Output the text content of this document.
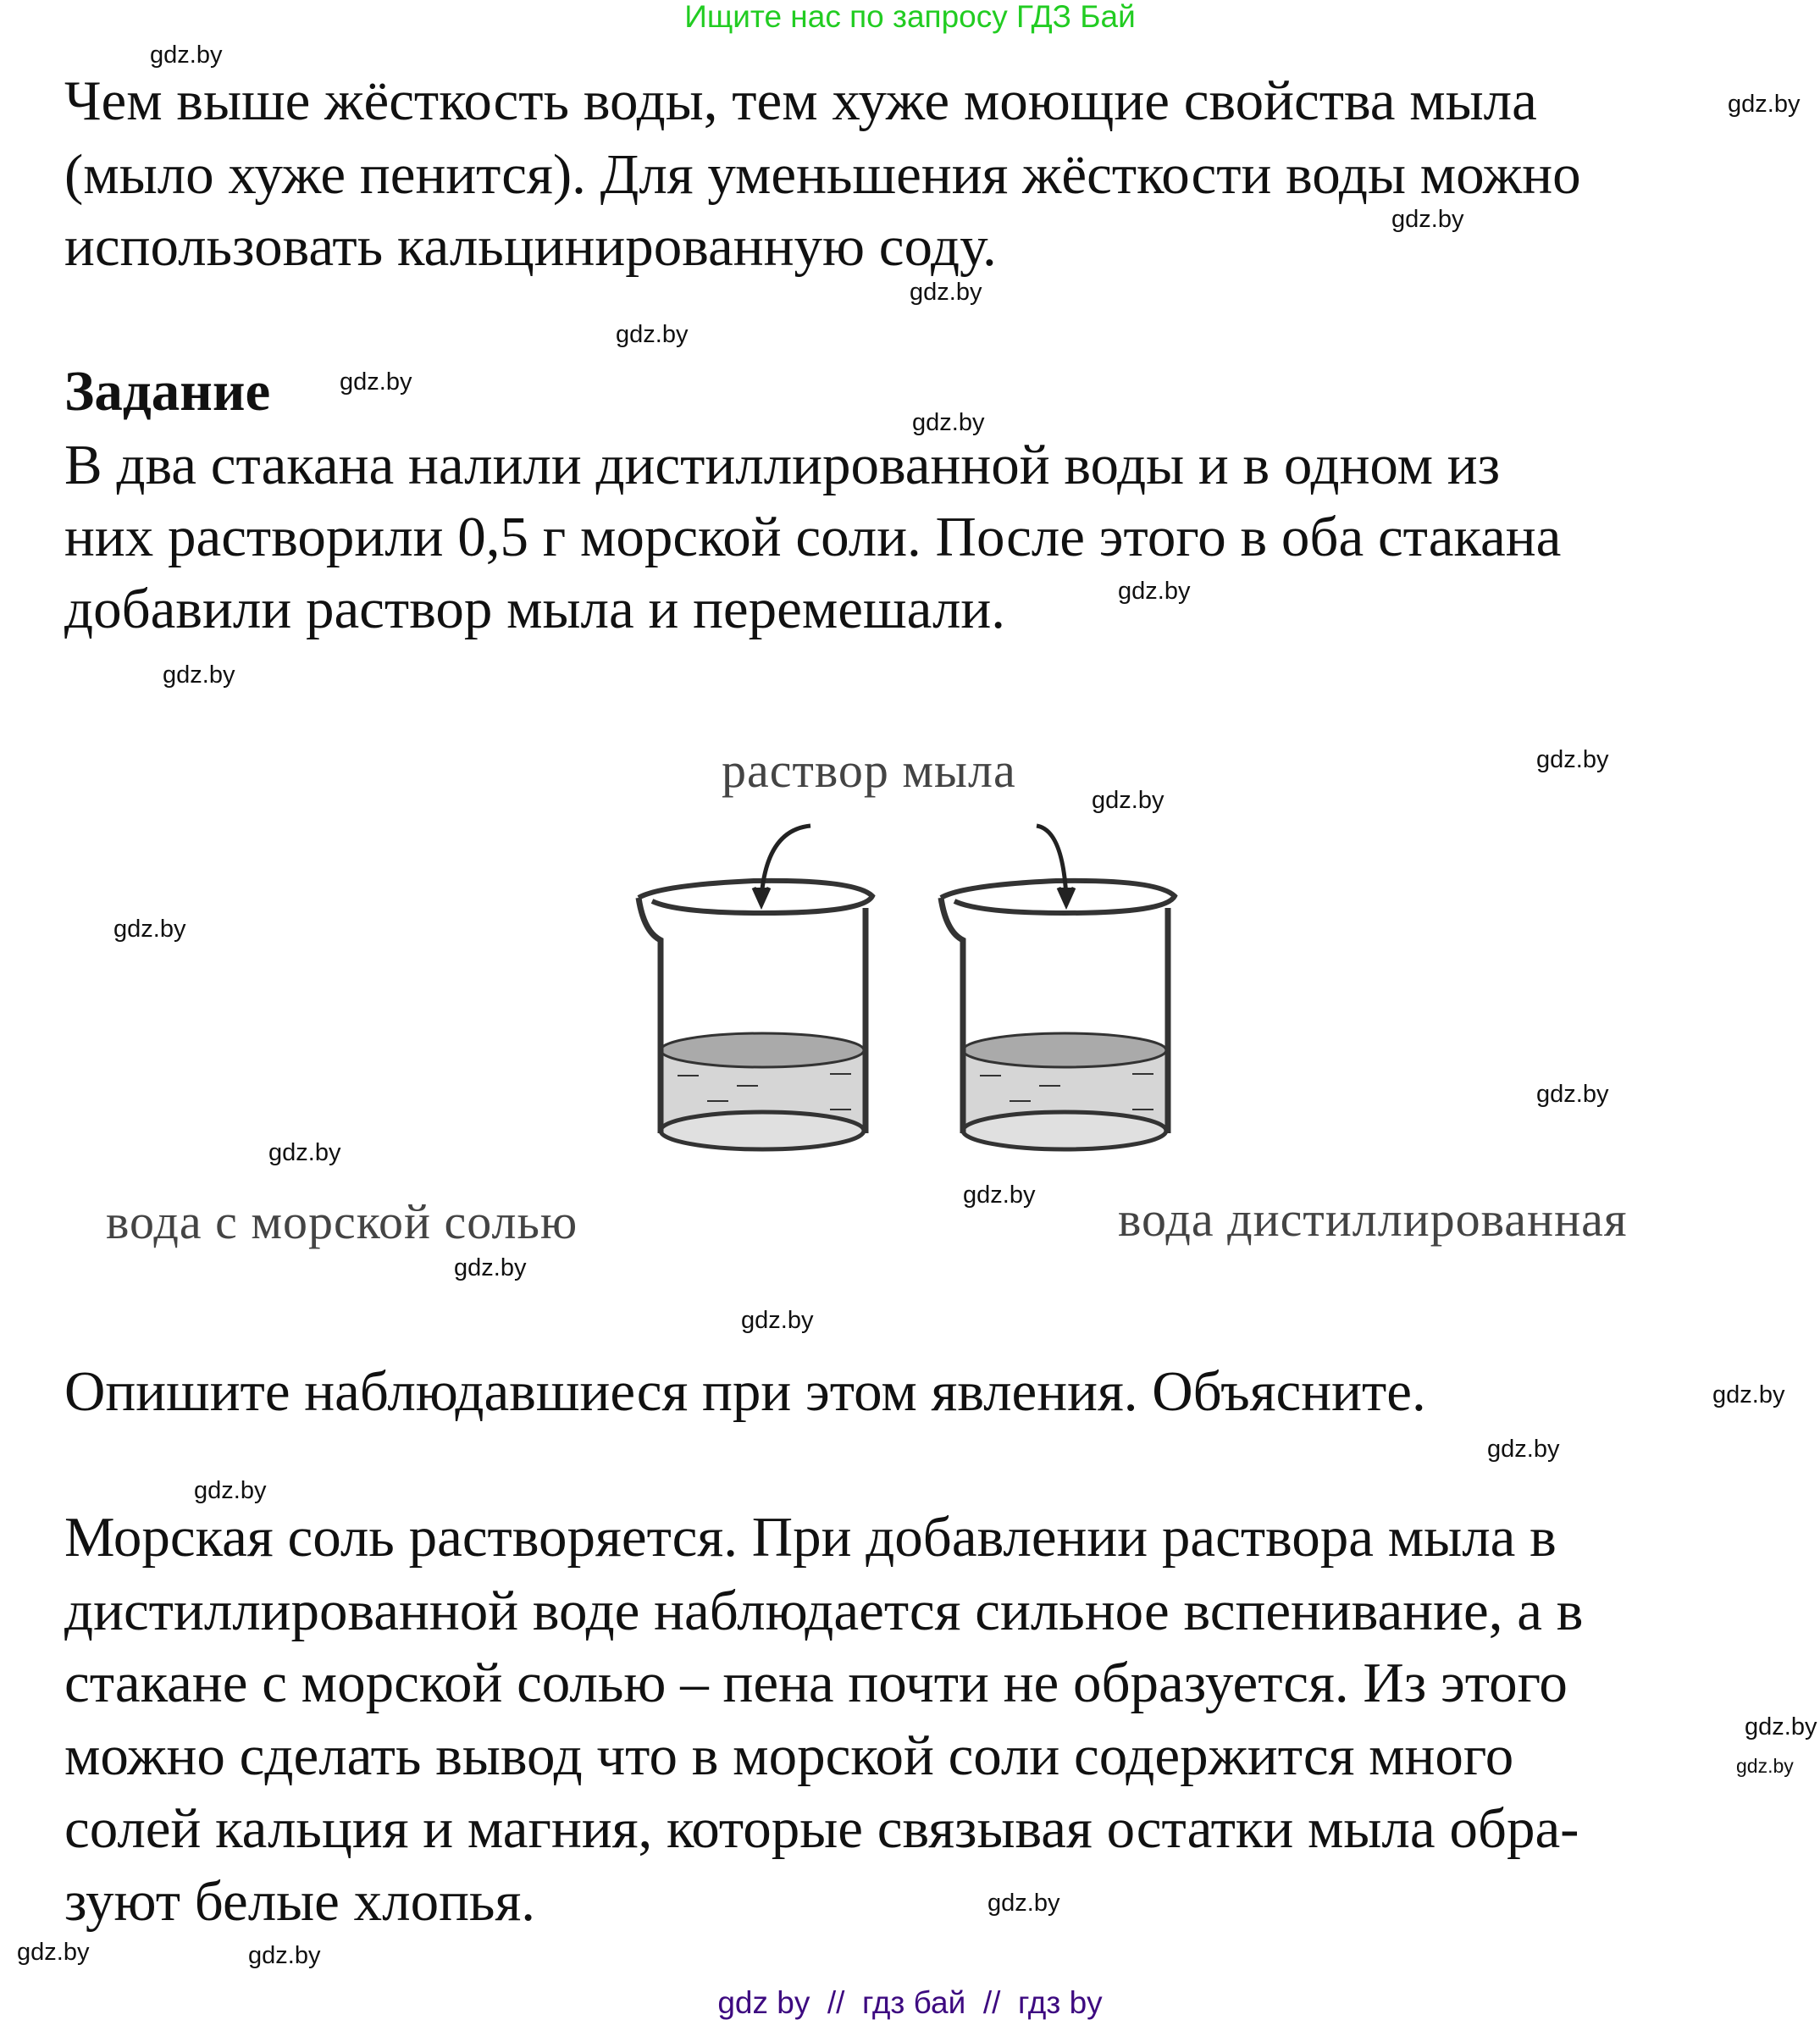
Ищите нас по запросу ГДЗ Бай
Чем выше жёсткость воды, тем хуже моющие свойства мыла
(мыло хуже пенится). Для уменьшения жёсткости воды можно
использовать кальцинированную соду.
Задание
В два стакана налили дистиллированной воды и в одном из
них растворили 0,5 г морской соли. После этого в оба стакана
добавили раствор мыла и перемешали.
раствор мыла
вода с морской солью	вода дистиллированная
Опишите наблюдавшиеся при этом явления. Объясните.
Морская соль растворяется. При добавлении раствора мыла в
дистиллированной воде наблюдается сильное вспенивание, а в
стакане с морской солью – пена почти не образуется. Из этого
можно сделать вывод что в морской соли содержится много
солей кальция и магния, которые связывая остатки мыла обра-
зуют белые хлопья.
gdz.by
gdz.by
gdz.by
gdz.by
gdz.by
gdz.by
gdz.by
gdz.by
gdz.by
gdz.by
gdz.by
gdz.by
gdz.by
gdz.by
gdz.by
gdz.by
gdz.by
gdz.by
gdz.by
gdz.by
gdz.by
gdz.by
gdz.by
gdz.by
gdz.by
gdz by  //  гдз бай  //  гдз by
